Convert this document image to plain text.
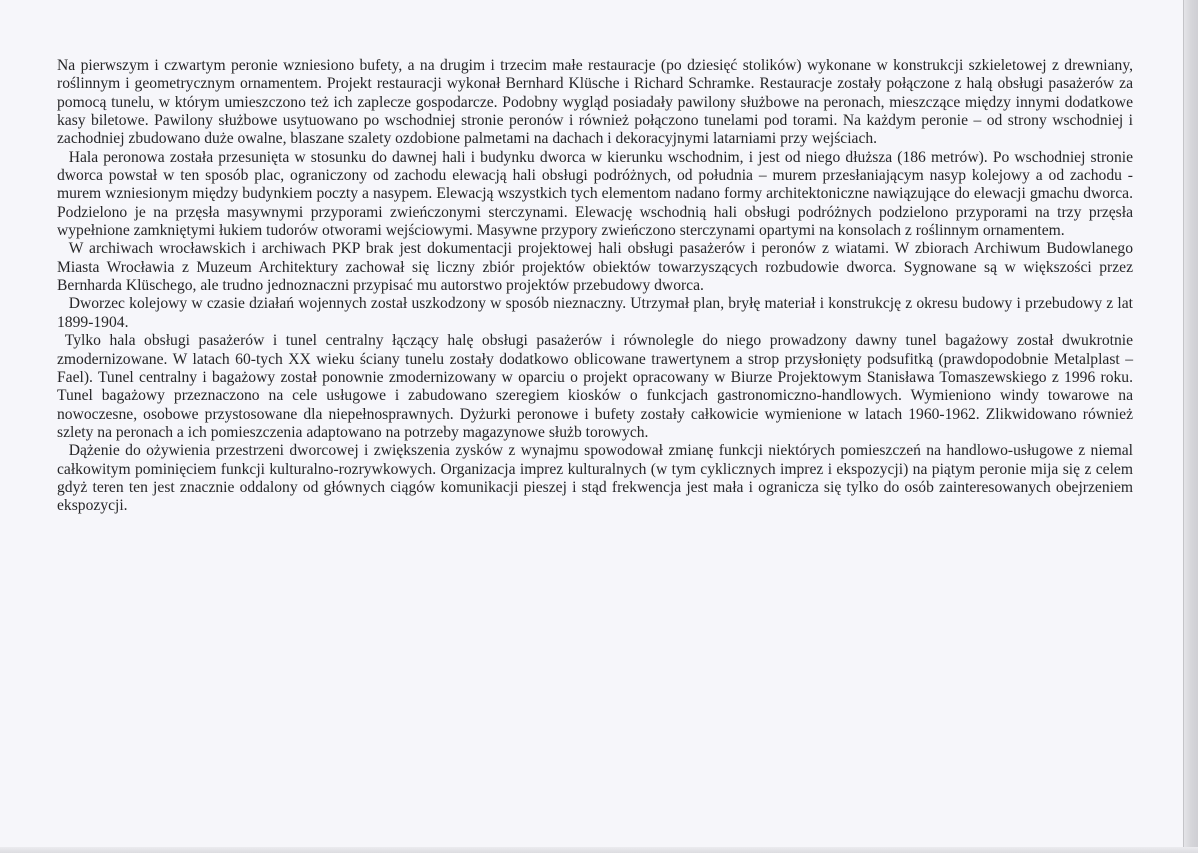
Na pierwszym i czwartym peronie wzniesiono bufety, a na drugim i trzecim małe restauracje (po dziesięć stolików) wykonane w konstrukcji szkieletowej z drewniany, roślinnym i geometrycznym ornamentem. Projekt restauracji wykonał Bernhard Klüsche i Richard Schramke. Restauracje zostały połączone z halą obsługi pasażerów za pomocą tunelu, w którym umieszczono też ich zaplecze gospodarcze. Podobny wygląd posiadały pawilony służbowe na peronach, mieszczące między innymi dodatkowe kasy biletowe. Pawilony służbowe usytuowano po wschodniej stronie peronów i również połączono tunelami pod torami. Na każdym peronie – od strony wschodniej i zachodniej zbudowano duże owalne, blaszane szalety ozdobione palmetami na dachach i dekoracyjnymi latarniami przy wejściach.

Hala peronowa została przesunięta w stosunku do dawnej hali i budynku dworca w kierunku wschodnim, i jest od niego dłuższa (186 metrów). Po wschodniej stronie dworca powstał w ten sposób plac, ograniczony od zachodu elewacją hali obsługi podróżnych, od południa – murem przesłaniającym nasyp kolejowy a od zachodu - murem wzniesionym między budynkiem poczty a nasypem. Elewacją wszystkich tych elementom nadano formy architektoniczne nawiązujące do elewacji gmachu dworca. Podzielono je na przęsła masywnymi przyporami zwieńczonymi sterczynami. Elewację wschodnią hali obsługi podróżnych podzielono przyporami na trzy przęsła wypełnione zamkniętymi łukiem tudorów otworami wejściowymi. Masywne przypory zwieńczono sterczynami opartymi na konsolach z roślinnym ornamentem.

W archiwach wrocławskich i archiwach PKP brak jest dokumentacji projektowej hali obsługi pasażerów i peronów z wiatami. W zbiorach Archiwum Budowlanego Miasta Wrocławia z Muzeum Architektury zachował się liczny zbiór projektów obiektów towarzyszących rozbudowie dworca. Sygnowane są w większości przez Bernharda Klüschego, ale trudno jednoznaczni przypisać mu autorstwo projektów przebudowy dworca.

Dworzec kolejowy w czasie działań wojennych został uszkodzony w sposób nieznaczny. Utrzymał plan, bryłę materiał i konstrukcję z okresu budowy i przebudowy z lat 1899-1904.

Tylko hala obsługi pasażerów i tunel centralny łączący halę obsługi pasażerów i równolegle do niego prowadzony dawny tunel bagażowy został dwukrotnie zmodernizowane. W latach 60-tych XX wieku ściany tunelu zostały dodatkowo oblicowane trawertynem a strop przysłonięty podsufitką (prawdopodobnie Metalplast – Fael). Tunel centralny i bagażowy został ponownie zmodernizowany w oparciu o projekt opracowany w Biurze Projektowym Stanisława Tomaszewskiego z 1996 roku. Tunel bagażowy przeznaczono na cele usługowe i zabudowano szeregiem kiosków o funkcjach gastronomiczno-handlowych. Wymieniono windy towarowe na nowoczesne, osobowe przystosowane dla niepełnosprawnych. Dyżurki peronowe i bufety zostały całkowicie wymienione w latach 1960-1962. Zlikwidowano również szlety na peronach a ich pomieszczenia adaptowano na potrzeby magazynowe służb torowych.

Dążenie do ożywienia przestrzeni dworcowej i zwiększenia zysków z wynajmu spowodował zmianę funkcji niektórych pomieszczeń na handlowo-usługowe z niemal całkowitym pominięciem funkcji kulturalno-rozrywkowych. Organizacja imprez kulturalnych (w tym cyklicznych imprez i ekspozycji) na piątym peronie mija się z celem gdyż teren ten jest znacznie oddalony od głównych ciągów komunikacji pieszej i stąd frekwencja jest mała i ogranicza się tylko do osób zainteresowanych obejrzeniem ekspozycji.
